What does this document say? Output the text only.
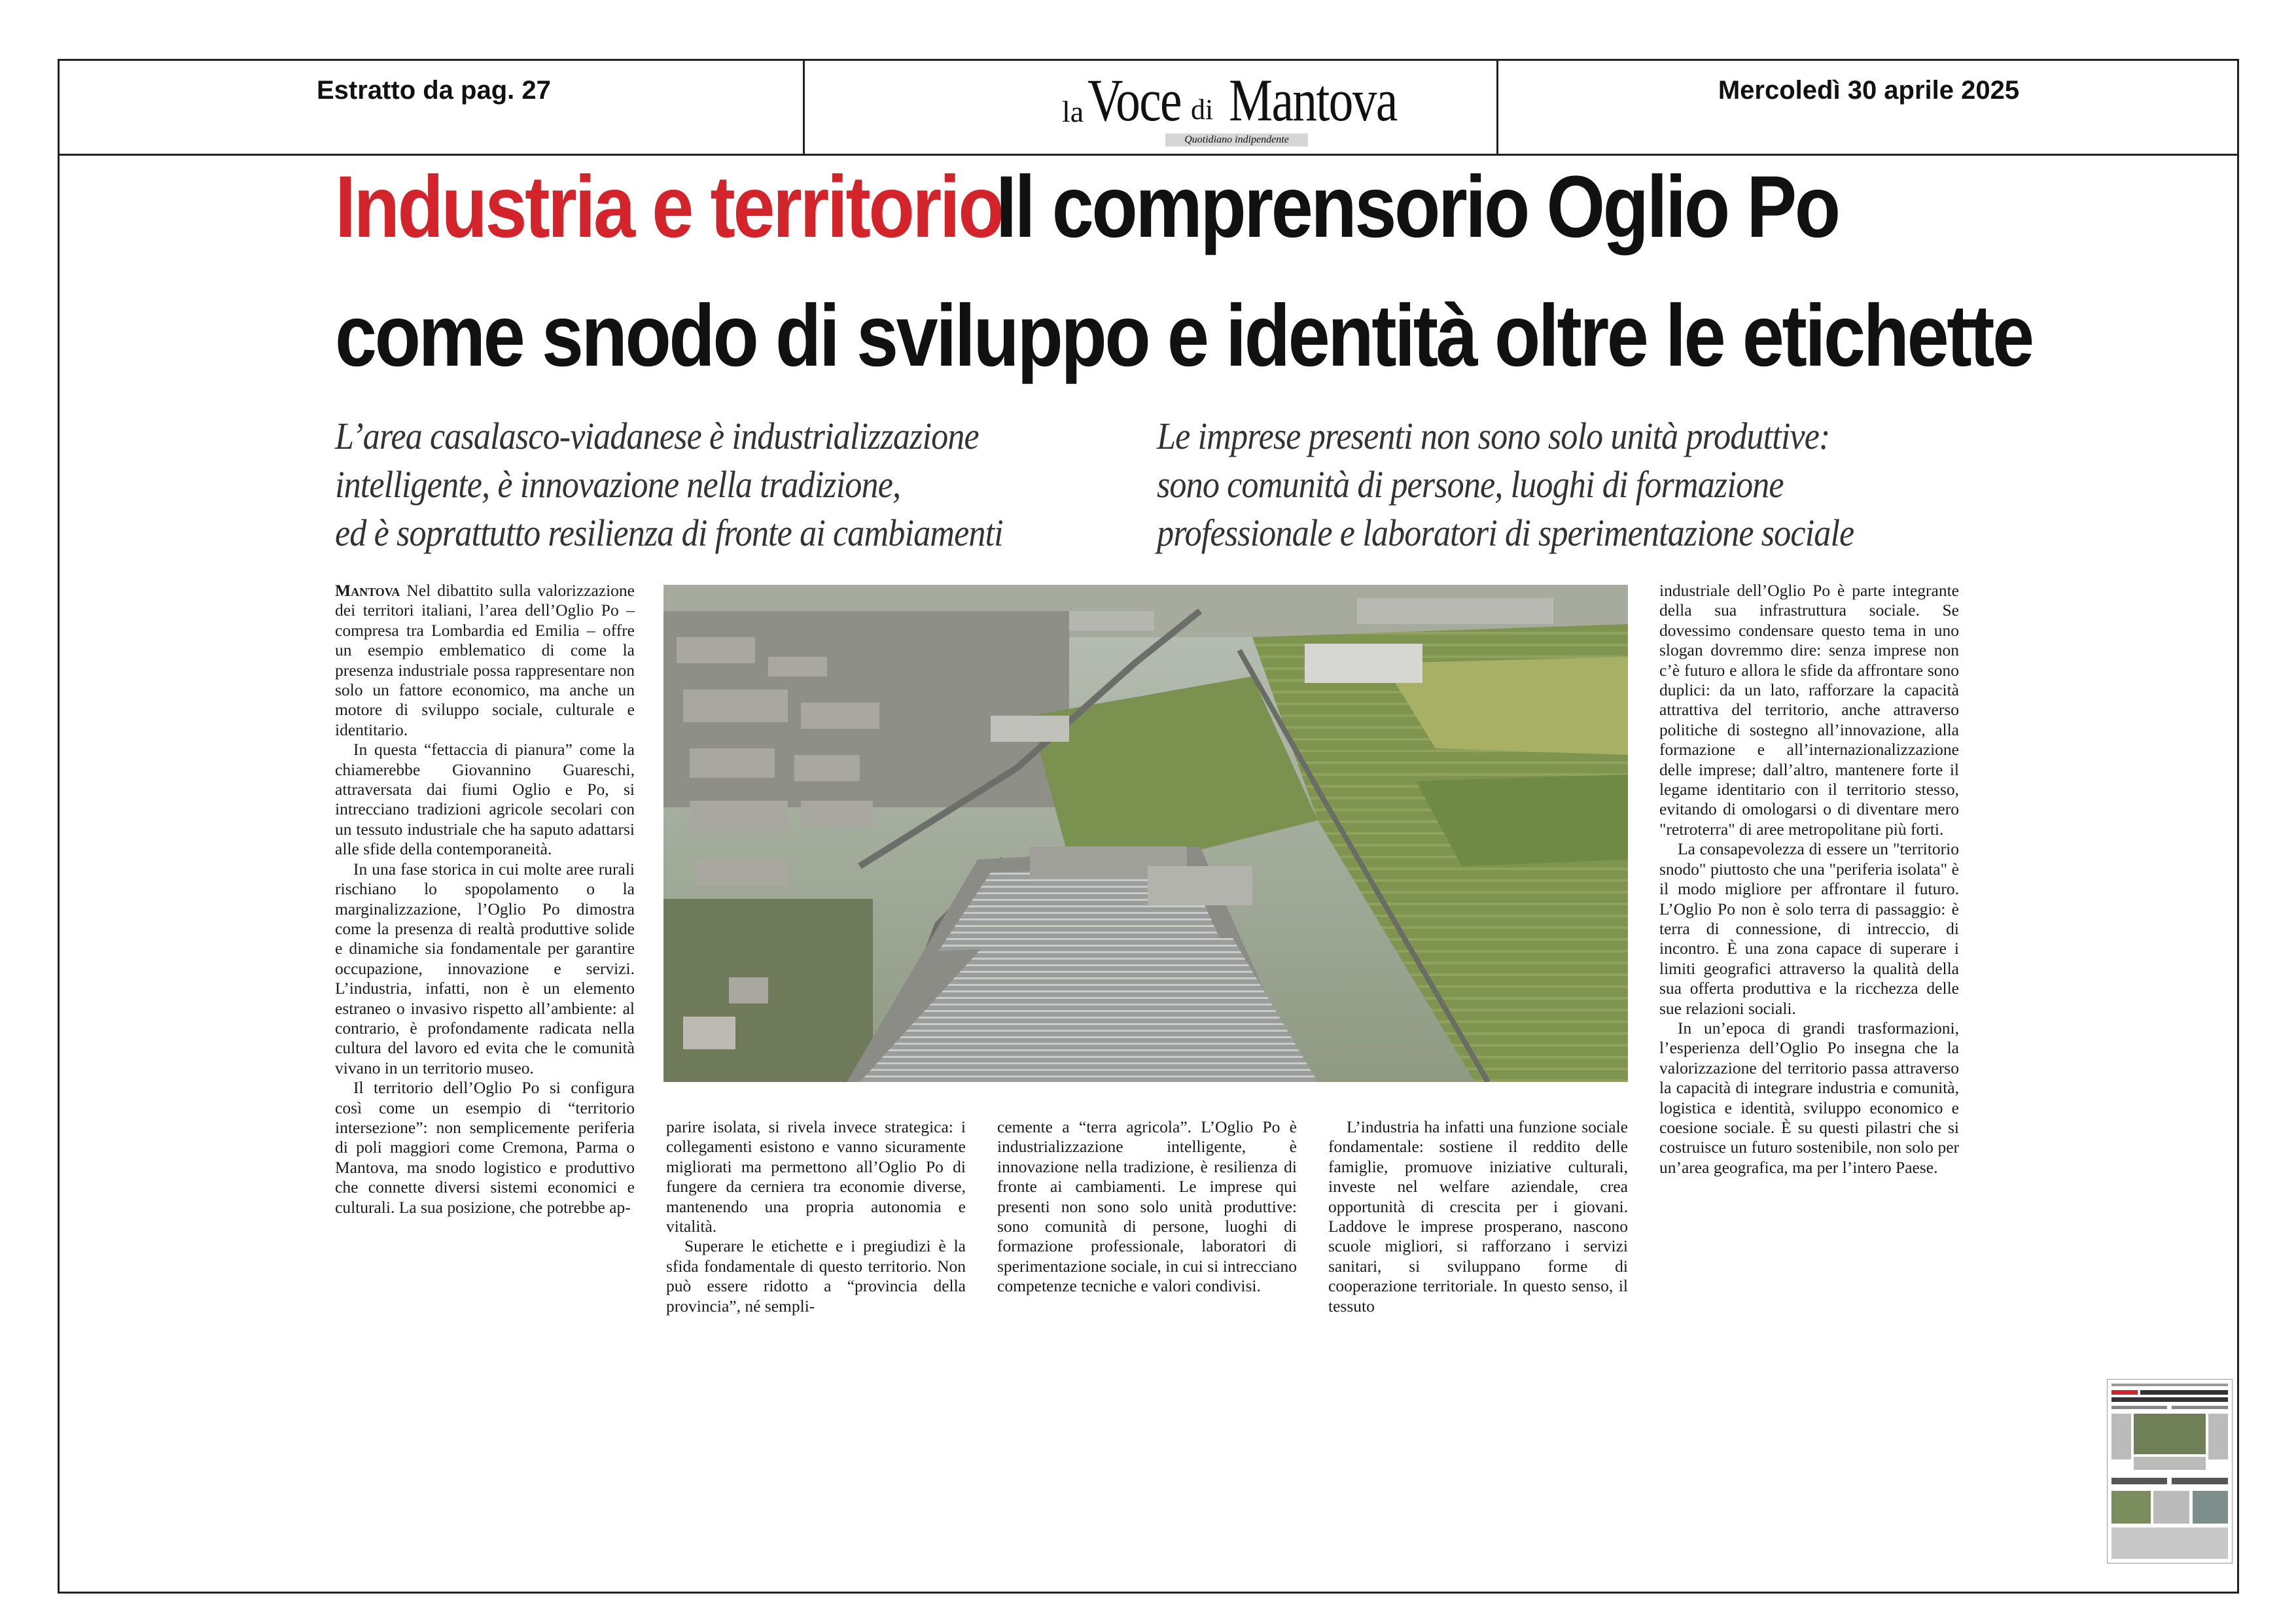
Estratto da pag. 27
la Voce di Mantova
Quotidiano indipendente
Mercoledì 30 aprile 2025
Industria e territorio
Il comprensorio Oglio Po
come snodo di sviluppo e identità oltre le etichette
L’area casalasco-viadanese è industrializzazione
intelligente, è innovazione nella tradizione,
ed è soprattutto resilienza di fronte ai cambiamenti
Le imprese presenti non sono solo unità produttive:
sono comunità di persone, luoghi di formazione
professionale e laboratori di sperimentazione sociale

Mantova Nel dibattito sulla valorizzazione dei territori italiani, l’area dell’Oglio Po – compresa tra Lombardia ed Emilia – offre un esempio emblematico di come la presenza industriale possa rappresentare non solo un fattore economico, ma anche un motore di sviluppo sociale, culturale e identitario.

In questa “fettaccia di pianura” come la chiamerebbe Giovannino Guareschi, attraversata dai fiumi Oglio e Po, si intrecciano tradizioni agricole secolari con un tessuto industriale che ha saputo adattarsi alle sfide della contemporaneità.

In una fase storica in cui molte aree rurali rischiano lo spopolamento o la marginalizzazione, l’Oglio Po dimostra come la presenza di realtà produttive solide e dinamiche sia fondamentale per garantire occupazione, innovazione e servizi. L’industria, infatti, non è un elemento estraneo o invasivo rispetto all’ambiente: al contrario, è profondamente radicata nella cultura del lavoro ed evita che le comunità vivano in un territorio museo.

Il territorio dell’Oglio Po si configura così come un esempio di “territorio intersezione”: non semplicemente periferia di poli maggiori come Cremona, Parma o Mantova, ma snodo logistico e produttivo che connette diversi sistemi economici e culturali. La sua posizione, che potrebbe ap-

parire isolata, si rivela invece strategica: i collegamenti esistono e vanno sicuramente migliorati ma permettono all’Oglio Po di fungere da cerniera tra economie diverse, mantenendo una propria autonomia e vitalità.

Superare le etichette e i pregiudizi è la sfida fondamentale di questo territorio. Non può essere ridotto a “provincia della provincia”, né sempli-

cemente a “terra agricola”. L’Oglio Po è industrializzazione intelligente, è innovazione nella tradizione, è resilienza di fronte ai cambiamenti. Le imprese qui presenti non sono solo unità produttive: sono comunità di persone, luoghi di formazione professionale, laboratori di sperimentazione sociale, in cui si intrecciano competenze tecniche e valori condivisi.

L’industria ha infatti una funzione sociale fondamentale: sostiene il reddito delle famiglie, promuove iniziative culturali, investe nel welfare aziendale, crea opportunità di crescita per i giovani. Laddove le imprese prosperano, nascono scuole migliori, si rafforzano i servizi sanitari, si sviluppano forme di cooperazione territoriale. In questo senso, il tessuto

industriale dell’Oglio Po è parte integrante della sua infrastruttura sociale. Se dovessimo condensare questo tema in uno slogan dovremmo dire: senza imprese non c’è futuro e allora le sfide da affrontare sono duplici: da un lato, rafforzare la capacità attrattiva del territorio, anche attraverso politiche di sostegno all’innovazione, alla formazione e all’internazionalizzazione delle imprese; dall’altro, mantenere forte il legame identitario con il territorio stesso, evitando di omologarsi o di diventare mero "retroterra" di aree metropolitane più forti.

La consapevolezza di essere un "territorio snodo" piuttosto che una "periferia isolata" è il modo migliore per affrontare il futuro. L’Oglio Po non è solo terra di passaggio: è terra di connessione, di intreccio, di incontro. È una zona capace di superare i limiti geografici attraverso la qualità della sua offerta produttiva e la ricchezza delle sue relazioni sociali.

In un’epoca di grandi trasformazioni, l’esperienza dell’Oglio Po insegna che la valorizzazione del territorio passa attraverso la capacità di integrare industria e comunità, logistica e identità, sviluppo economico e coesione sociale. È su questi pilastri che si costruisce un futuro sostenibile, non solo per un’area geografica, ma per l’intero Paese.
